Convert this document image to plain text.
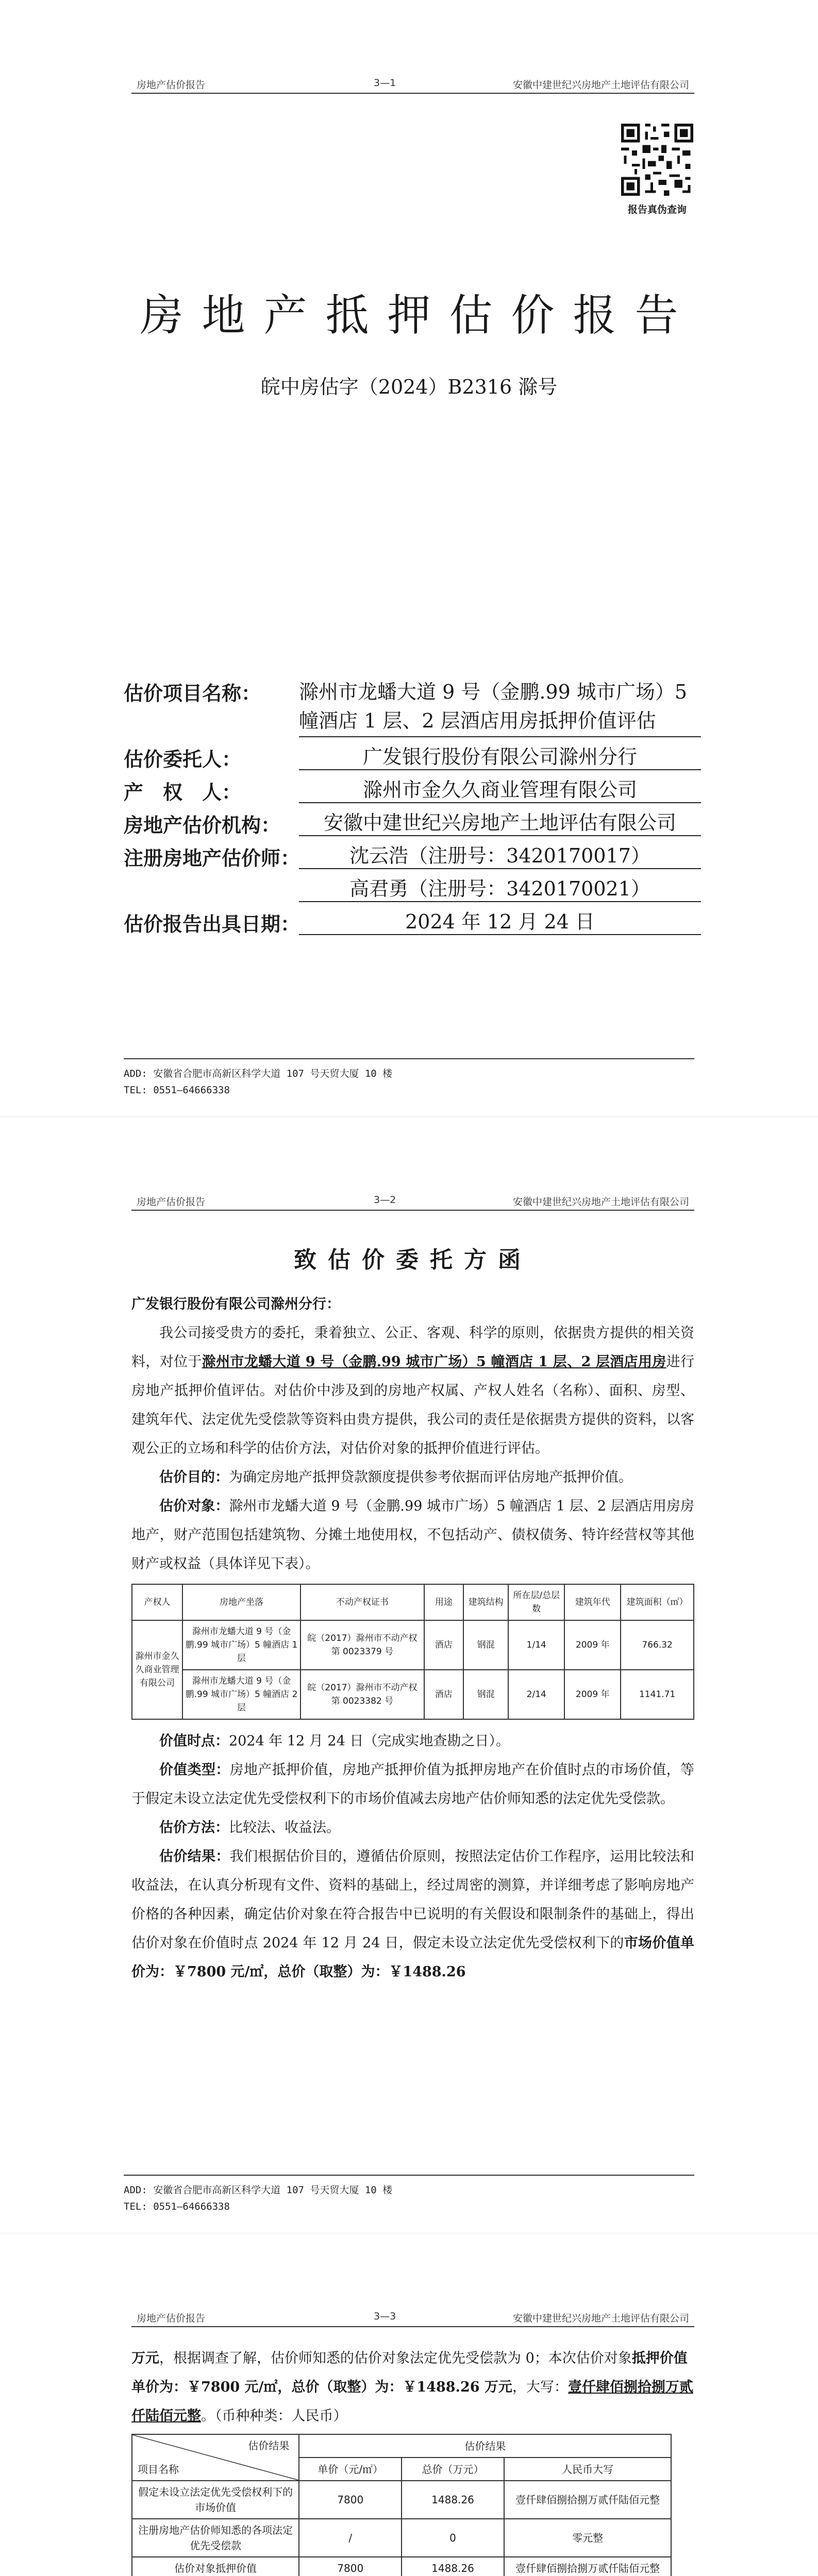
房地产估价报告	3—1	安徽中建世纪兴房地产土地评估有限公司
报告真伪查询
房地产抵押估价报告
皖中房估字（2024）B2316 滁号
估价项目名称： 滁州市龙蟠大道 9 号（金鹏.99 城市广场）5 幢酒店 1 层、2 层酒店用房抵押价值评估
估价委托人：	广发银行股份有限公司滁州分行
产　权　人：	滁州市金久久商业管理有限公司
房地产估价机构：	安徽中建世纪兴房地产土地评估有限公司
注册房地产估价师：	沈云浩（注册号：3420170017）
高君勇（注册号：3420170021）
估价报告出具日期：	2024 年 12 月 24 日
ADD: 安徽省合肥市高新区科学大道 107 号天贸大厦 10 楼
TEL: 0551—64666338
房地产估价报告	3—2	安徽中建世纪兴房地产土地评估有限公司
致估价委托方函
广发银行股份有限公司滁州分行：

我公司接受贵方的委托，秉着独立、公正、客观、科学的原则，依据贵方提供的相关资料，对位于滁州市龙蟠大道 9 号（金鹏.99 城市广场）5 幢酒店 1 层、2 层酒店用房进行房地产抵押价值评估。对估价中涉及到的房地产权属、产权人姓名（名称）、面积、房型、建筑年代、法定优先受偿款等资料由贵方提供，我公司的责任是依据贵方提供的资料，以客观公正的立场和科学的估价方法，对估价对象的抵押价值进行评估。

估价目的：为确定房地产抵押贷款额度提供参考依据而评估房地产抵押价值。

估价对象：滁州市龙蟠大道 9 号（金鹏.99 城市广场）5 幢酒店 1 层、2 层酒店用房房地产，财产范围包括建筑物、分摊土地使用权，不包括动产、债权债务、特许经营权等其他财产或权益（具体详见下表）。

产权人	房地产坐落	不动产权证书	用途	建筑结构	所在层/总层数	建筑年代	建筑面积（㎡）
滁州市金久久商业管理有限公司	滁州市龙蟠大道 9 号（金鹏.99 城市广场）5 幢酒店 1 层	皖（2017）滁州市不动产权第 0023379 号	酒店	钢混	1/14	2009 年	766.32
	滁州市龙蟠大道 9 号（金鹏.99 城市广场）5 幢酒店 2 层	皖（2017）滁州市不动产权第 0023382 号	酒店	钢混	2/14	2009 年	1141.71

价值时点：2024 年 12 月 24 日（完成实地查勘之日）。

价值类型：房地产抵押价值，房地产抵押价值为抵押房地产在价值时点的市场价值，等于假定未设立法定优先受偿权利下的市场价值减去房地产估价师知悉的法定优先受偿款。

估价方法：比较法、收益法。

估价结果：我们根据估价目的，遵循估价原则，按照法定估价工作程序，运用比较法和收益法，在认真分析现有文件、资料的基础上，经过周密的测算，并详细考虑了影响房地产价格的各种因素，确定估价对象在符合报告中已说明的有关假设和限制条件的基础上，得出估价对象在价值时点 2024 年 12 月 24 日，假定未设立法定优先受偿权利下的市场价值单价为：￥7800 元/㎡，总价（取整）为：￥1488.26

ADD: 安徽省合肥市高新区科学大道 107 号天贸大厦 10 楼
TEL: 0551—64666338
房地产估价报告	3—3	安徽中建世纪兴房地产土地评估有限公司

万元，根据调查了解，估价师知悉的估价对象法定优先受偿款为 0；本次估价对象抵押价值单价为：￥7800 元/㎡，总价（取整）为：￥1488.26 万元，大写：壹仟肆佰捌拾捌万贰仟陆佰元整。（币种种类：人民币）

估价结果
项目名称	估价结果		
	单价（元/㎡）	总价（万元）	人民币大写
假定未设立法定优先受偿权利下的市场价值	7800	1488.26	壹仟肆佰捌拾捌万贰仟陆佰元整
注册房地产估价师知悉的各项法定优先受偿款	/	0	零元整
估价对象抵押价值	7800	1488.26	壹仟肆佰捌拾捌万贰仟陆佰元整
